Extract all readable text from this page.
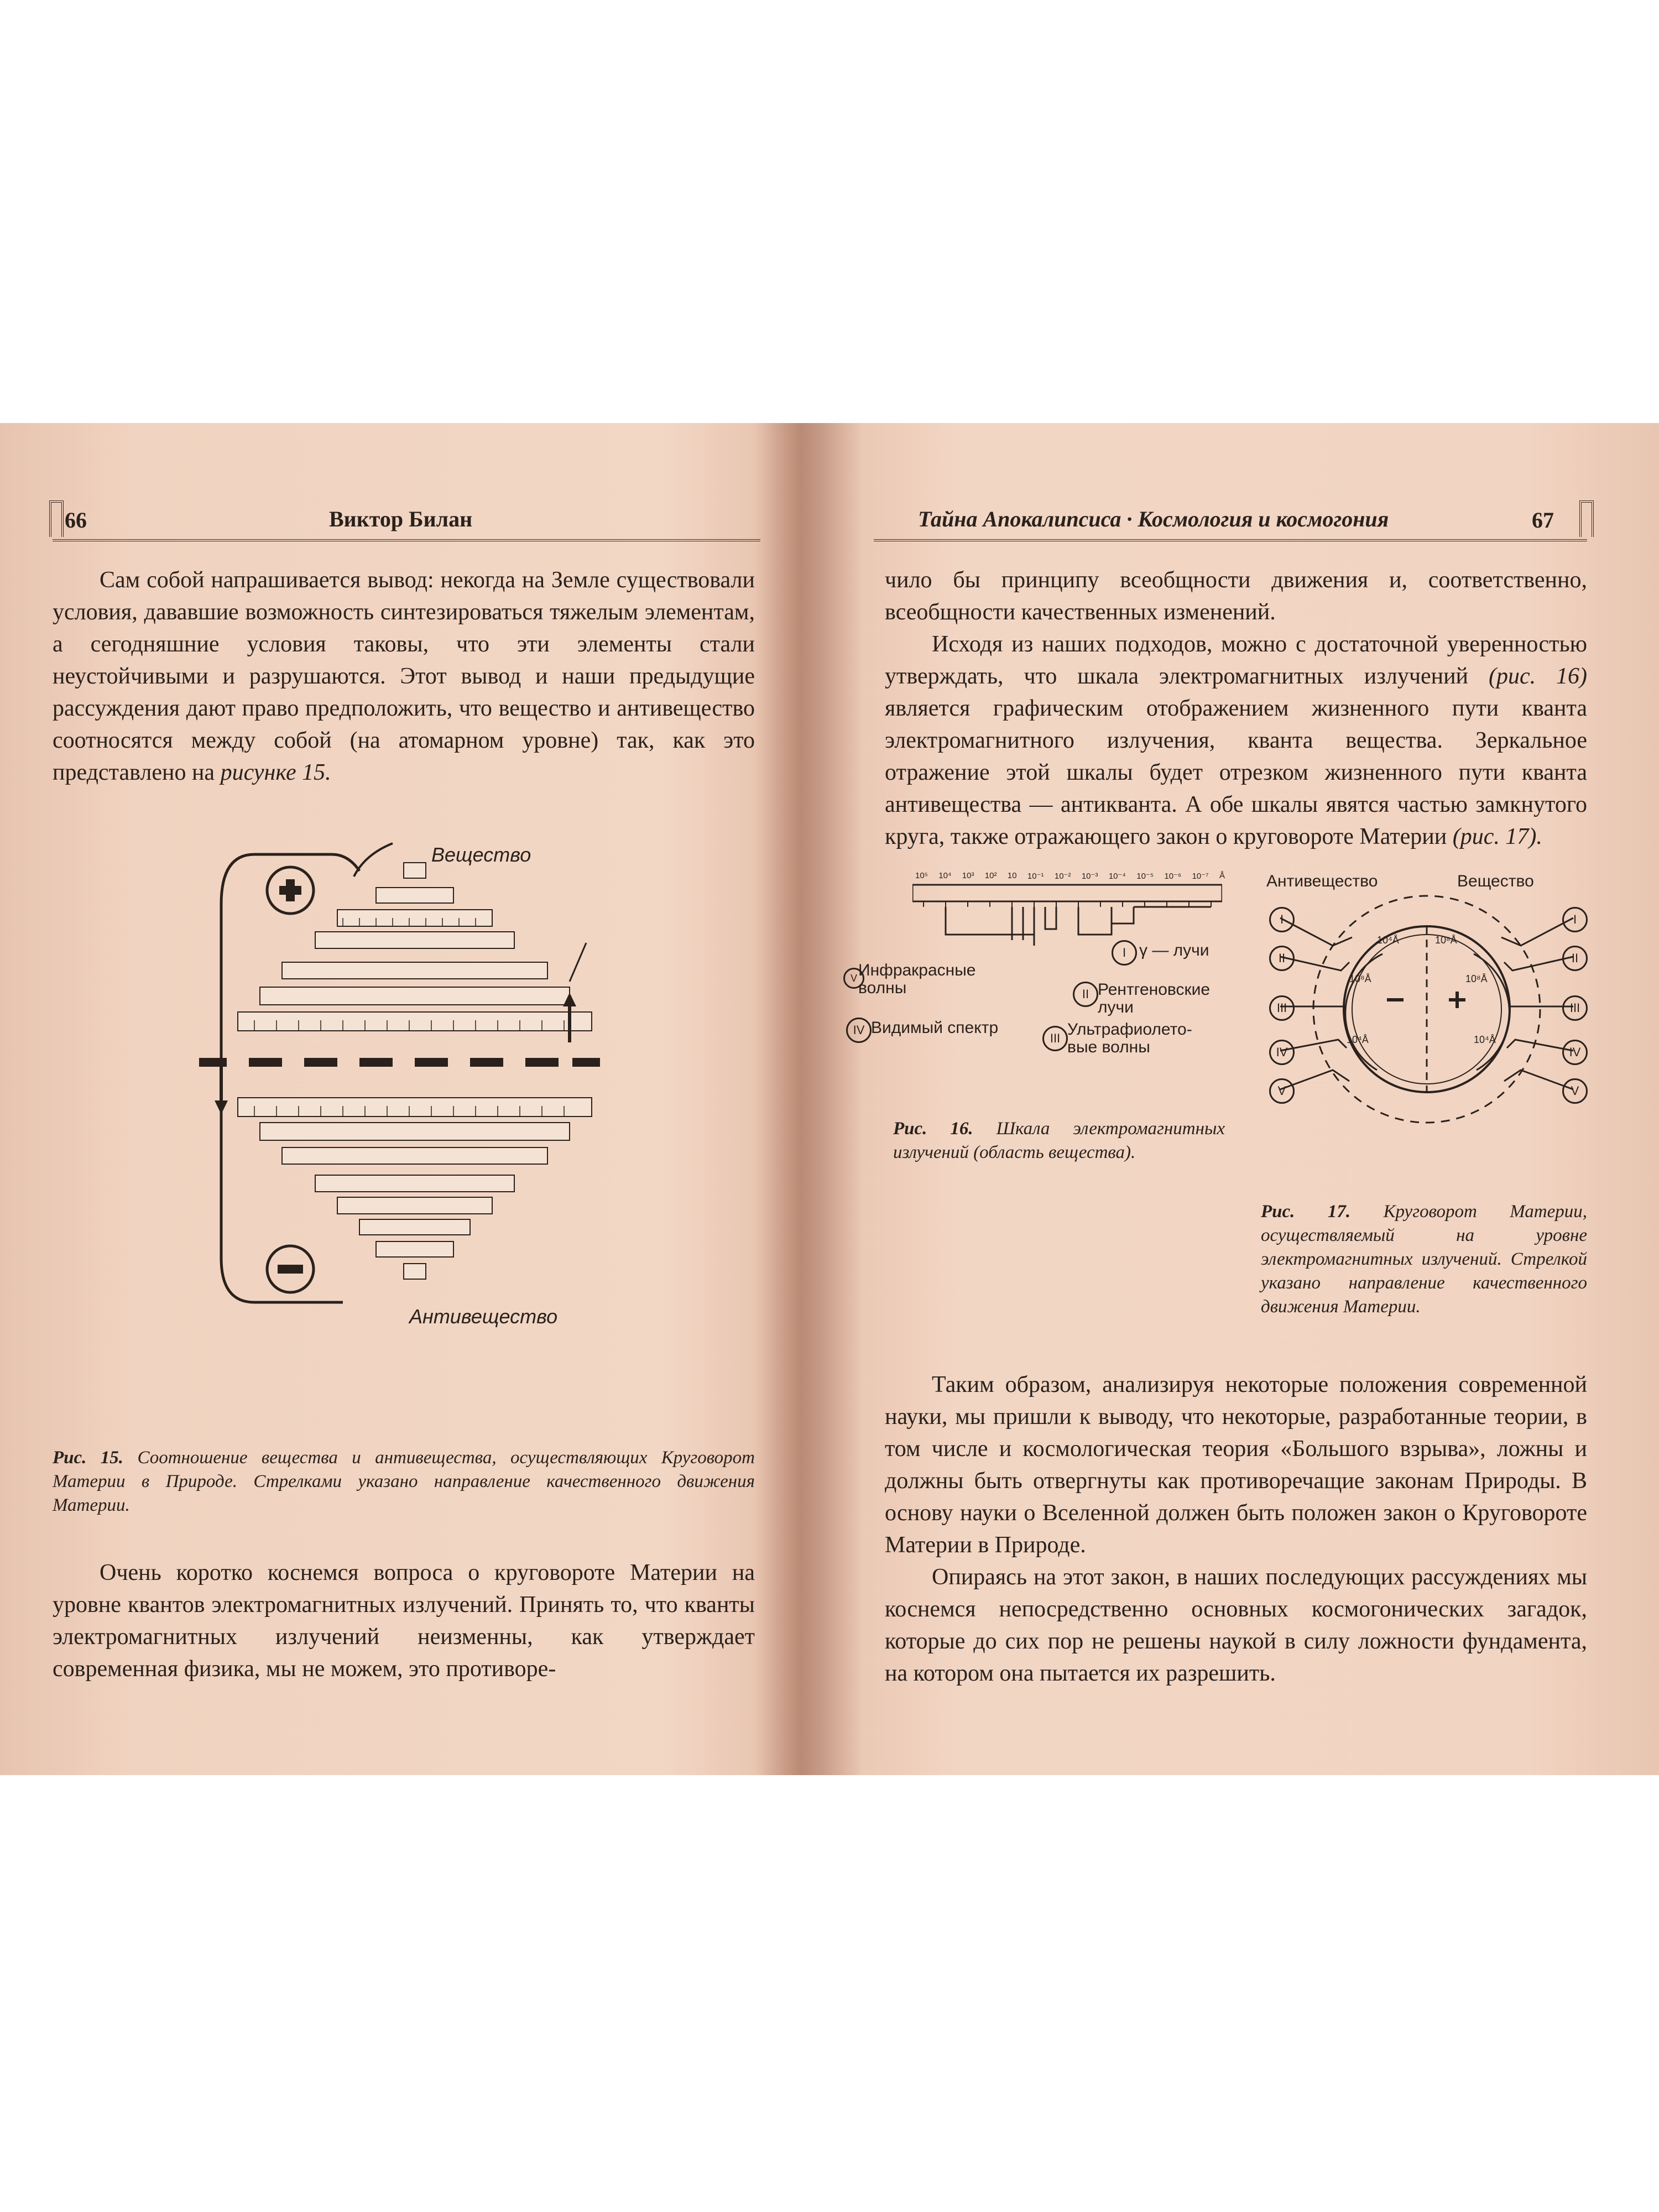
66	Виктор Билан

Сам собой напрашивается вывод: некогда на Земле существовали условия, дававшие возможность синтезироваться тяжелым элементам, а сегодняшние условия таковы, что эти элементы стали неустойчивыми и разрушаются. Этот вывод и наши предыдущие рассуждения дают право предположить, что вещество и антивещество соотносятся между собой (на атомарном уровне) так, как это представлено на рисунке 15.

Вещество
Антивещество
Рис. 15. Соотношение вещества и антивещества, осуществляющих Круговорот Материи в Природе. Стрелками указано направление качественного движения Материи.

Очень коротко коснемся вопроса о круговороте Материи на уровне квантов электромагнитных излучений. Принять то, что кванты электромагнитных излучений неизменны, как утверждает современная физика, мы не можем, это противоре-

Тайна Апокалипсиса · Космология и космогония	67

чило бы принципу всеобщности движения и, соответственно, всеобщности качественных изменений.

Исходя из наших подходов, можно с достаточной уверенностью утверждать, что шкала электромагнитных излучений (рис. 16) является графическим отображением жизненного пути кванта электромагнитного излучения, кванта вещества. Зеркальное отражение этой шкалы будет отрезком жизненного пути кванта антивещества — антикванта. А обе шкалы явятся частью замкнутого круга, также отражающего закон о круговороте Материи (рис. 17).

10⁵ 10⁴ 10³ 10² 10 10⁻¹ 10⁻² 10⁻³ 10⁻⁴ 10⁻⁵ 10⁻⁶ 10⁻⁷ Å
I γ — лучи
V Инфракрасные
волны	II Рентгеновские
лучи
IV Видимый спектр
III Ультрафиолето-
вые волны
Рис. 16. Шкала электромагнитных излучений (область вещества).
Антивещество	Вещество
I
II
III
IV
V
I
II
III
IV
V
10⁴Å
10⁸Å
10⁸Å
10⁴Å	10⁴Å
10⁸Å
Рис. 17. Круговорот Материи, осуществляемый на уровне электромагнитных излучений. Стрелкой указано направление качественного движения Материи.

Таким образом, анализируя некоторые положения современной науки, мы пришли к выводу, что некоторые, разработанные теории, в том числе и космологическая теория «Большого взрыва», ложны и должны быть отвергнуты как противоречащие законам Природы. В основу науки о Вселенной должен быть положен закон о Круговороте Материи в Природе.

Опираясь на этот закон, в наших последующих рассуждениях мы коснемся непосредственно основных космогонических загадок, которые до сих пор не решены наукой в силу ложности фундамента, на котором она пытается их разрешить.
